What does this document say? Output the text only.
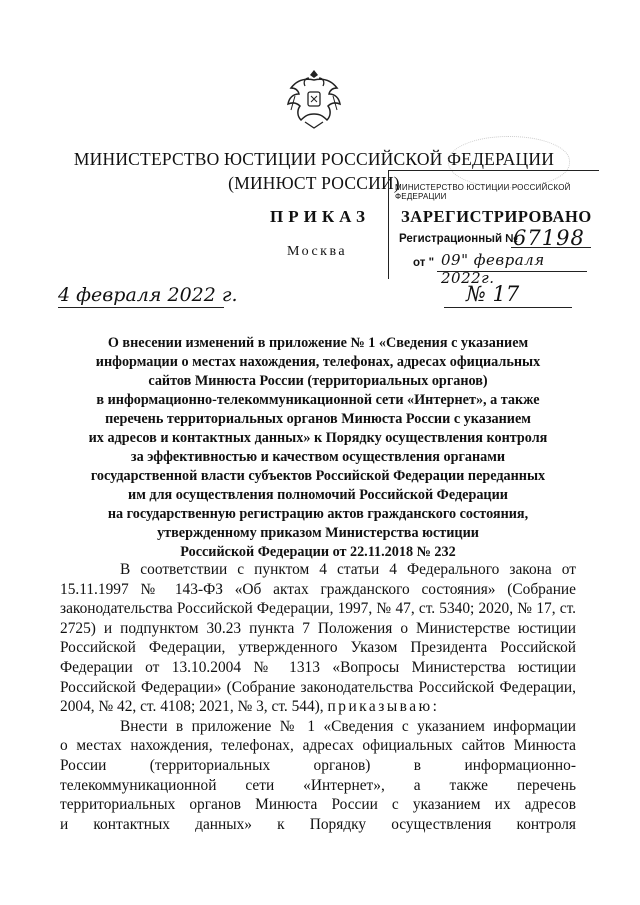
МИНИСТЕРСТВО ЮСТИЦИИ РОССИЙСКОЙ ФЕДЕРАЦИИ
(МИНЮСТ РОССИИ)
ПРИКАЗ
Москва
МИНИСТЕРСТВО ЮСТИЦИИ РОССИЙСКОЙ ФЕДЕРАЦИИ
ЗАРЕГИСТРИРОВАНО
Регистрационный №
67198
от " 09" февраля 2022г.
4 февраля 2022 г.	№ 17
О внесении изменений в приложение № 1 «Сведения с указанием
информации о местах нахождения, телефонах, адресах официальных
сайтов Минюста России (территориальных органов)
в информационно-телекоммуникационной сети «Интернет», а также
перечень территориальных органов Минюста России с указанием
их адресов и контактных данных» к Порядку осуществления контроля
за эффективностью и качеством осуществления органами
государственной власти субъектов Российской Федерации переданных
им для осуществления полномочий Российской Федерации
на государственную регистрацию актов гражданского состояния,
утвержденному приказом Министерства юстиции
Российской Федерации от 22.11.2018 № 232

В соответствии с пунктом 4 статьи 4 Федерального закона от 15.11.1997 № 143-ФЗ «Об актах гражданского состояния» (Собрание законодательства Российской Федерации, 1997, № 47, ст. 5340; 2020, № 17, ст. 2725) и подпунктом 30.23 пункта 7 Положения о Министерстве юстиции Российской Федерации, утвержденного Указом Президента Российской Федерации от 13.10.2004 № 1313 «Вопросы Министерства юстиции Российской Федерации» (Собрание законодательства Российской Федерации, 2004, № 42, ст. 4108; 2021, № 3, ст. 544), приказываю:

Внести в приложение № 1 «Сведения с указанием информации
о местах нахождения, телефонах, адресах официальных сайтов Минюста
России (территориальных органов) в информационно-
телекоммуникационной сети «Интернет», а также перечень
территориальных органов Минюста России с указанием их адресов
и контактных данных» к Порядку осуществления контроля
